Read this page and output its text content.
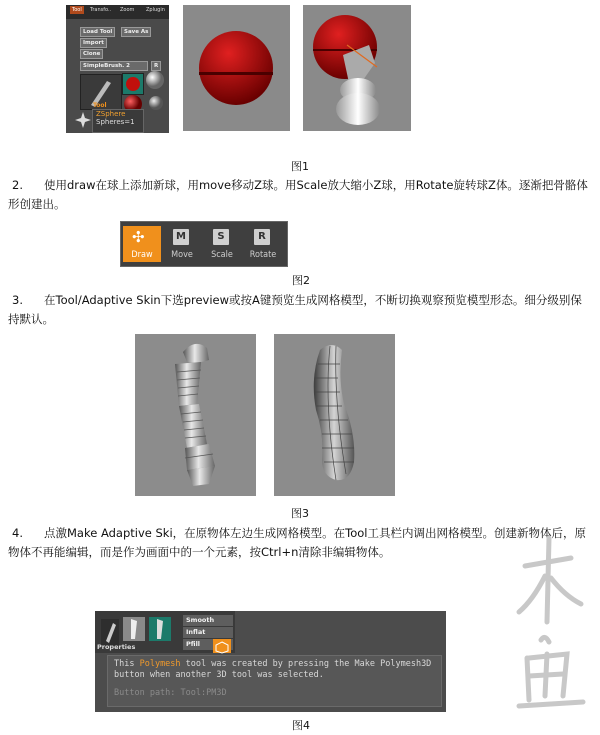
Tool	Transfo.. Zoom Zplugin
Load Tool	Save As
Import
Clone
SimpleBrush. 2	R
Tool
ZSphere
Spheres=1
图1
2. 使用draw在球上添加新球，用move移动Z球。用Scale放大缩小Z球，用Rotate旋转球Z体。逐渐把骨骼体形创建出。
✣
Draw
M
Move
S
Scale
R
Rotate
图2
3. 在Tool/Adaptive Skin下选preview或按A键预览生成网格模型，不断切换观察预览模型形态。细分级别保持默认。
图3
4. 点激Make Adaptive Ski，在原物体左边生成网格模型。在Tool工具栏内调出网格模型。创建新物体后，原物体不再能编辑，而是作为画面中的一个元素，按Ctrl+n清除非编辑物体。
Properties
Smooth
Inflat
Pfill
This Polymesh tool was created by pressing the Make Polymesh3D button when another 3D tool was selected.
Button path: Tool:PM3D
图4
